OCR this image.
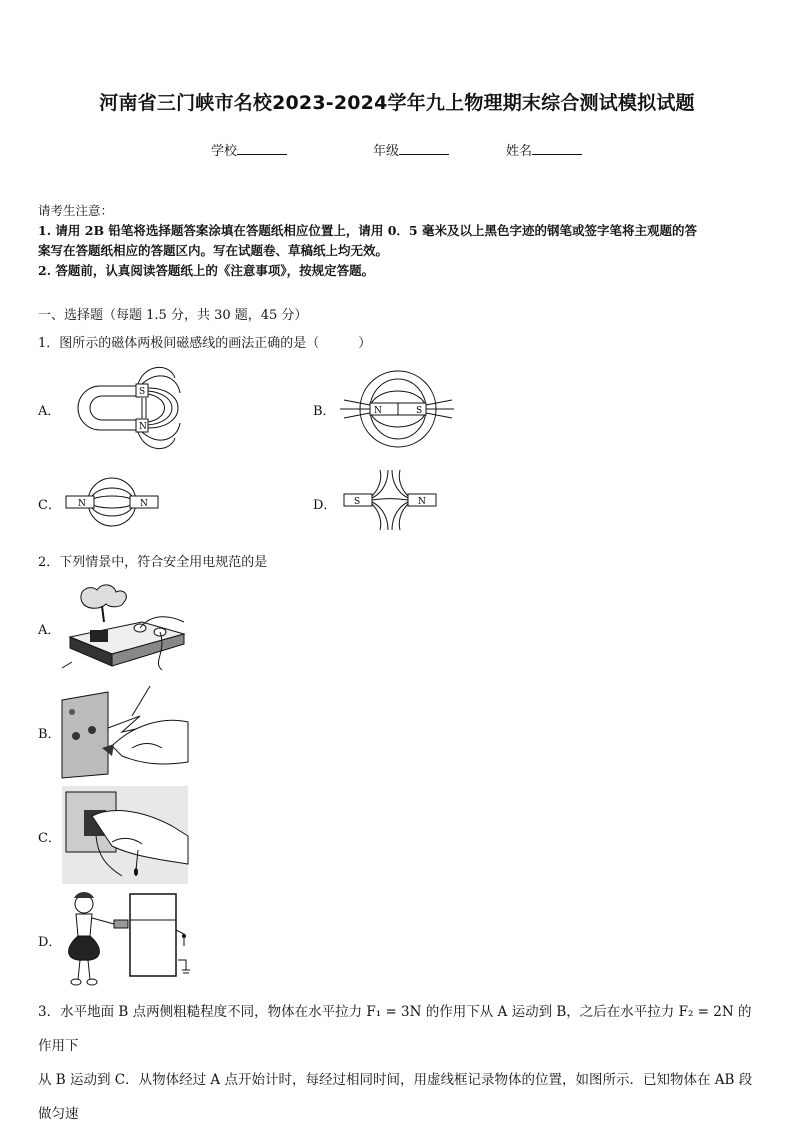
河南省三门峡市名校2023-2024学年九上物理期末综合测试模拟试题
学校	年级	姓名
请考生注意：
1. 请用 2B 铅笔将选择题答案涂填在答题纸相应位置上，请用 0．5 毫米及以上黑色字迹的钢笔或签字笔将主观题的答
案写在答题纸相应的答题区内。写在试题卷、草稿纸上均无效。
2. 答题前，认真阅读答题纸上的《注意事项》，按规定答题。
一、选择题（每题 1.5 分，共 30 题，45 分）
1．图所示的磁体两极间磁感线的画法正确的是（　　　）
A．
S
N
B．	N	S
C． N	N	D． S	N
2．下列情景中，符合安全用电规范的是
A．
B．
C．
D．
3．水平地面 B 点两侧粗糙程度不同，物体在水平拉力 F₁ = 3N 的作用下从 A 运动到 B，之后在水平拉力 F₂ = 2N 的作用下
从 B 运动到 C．从物体经过 A 点开始计时，每经过相同时间，用虚线框记录物体的位置，如图所示．已知物体在 AB 段做匀速
